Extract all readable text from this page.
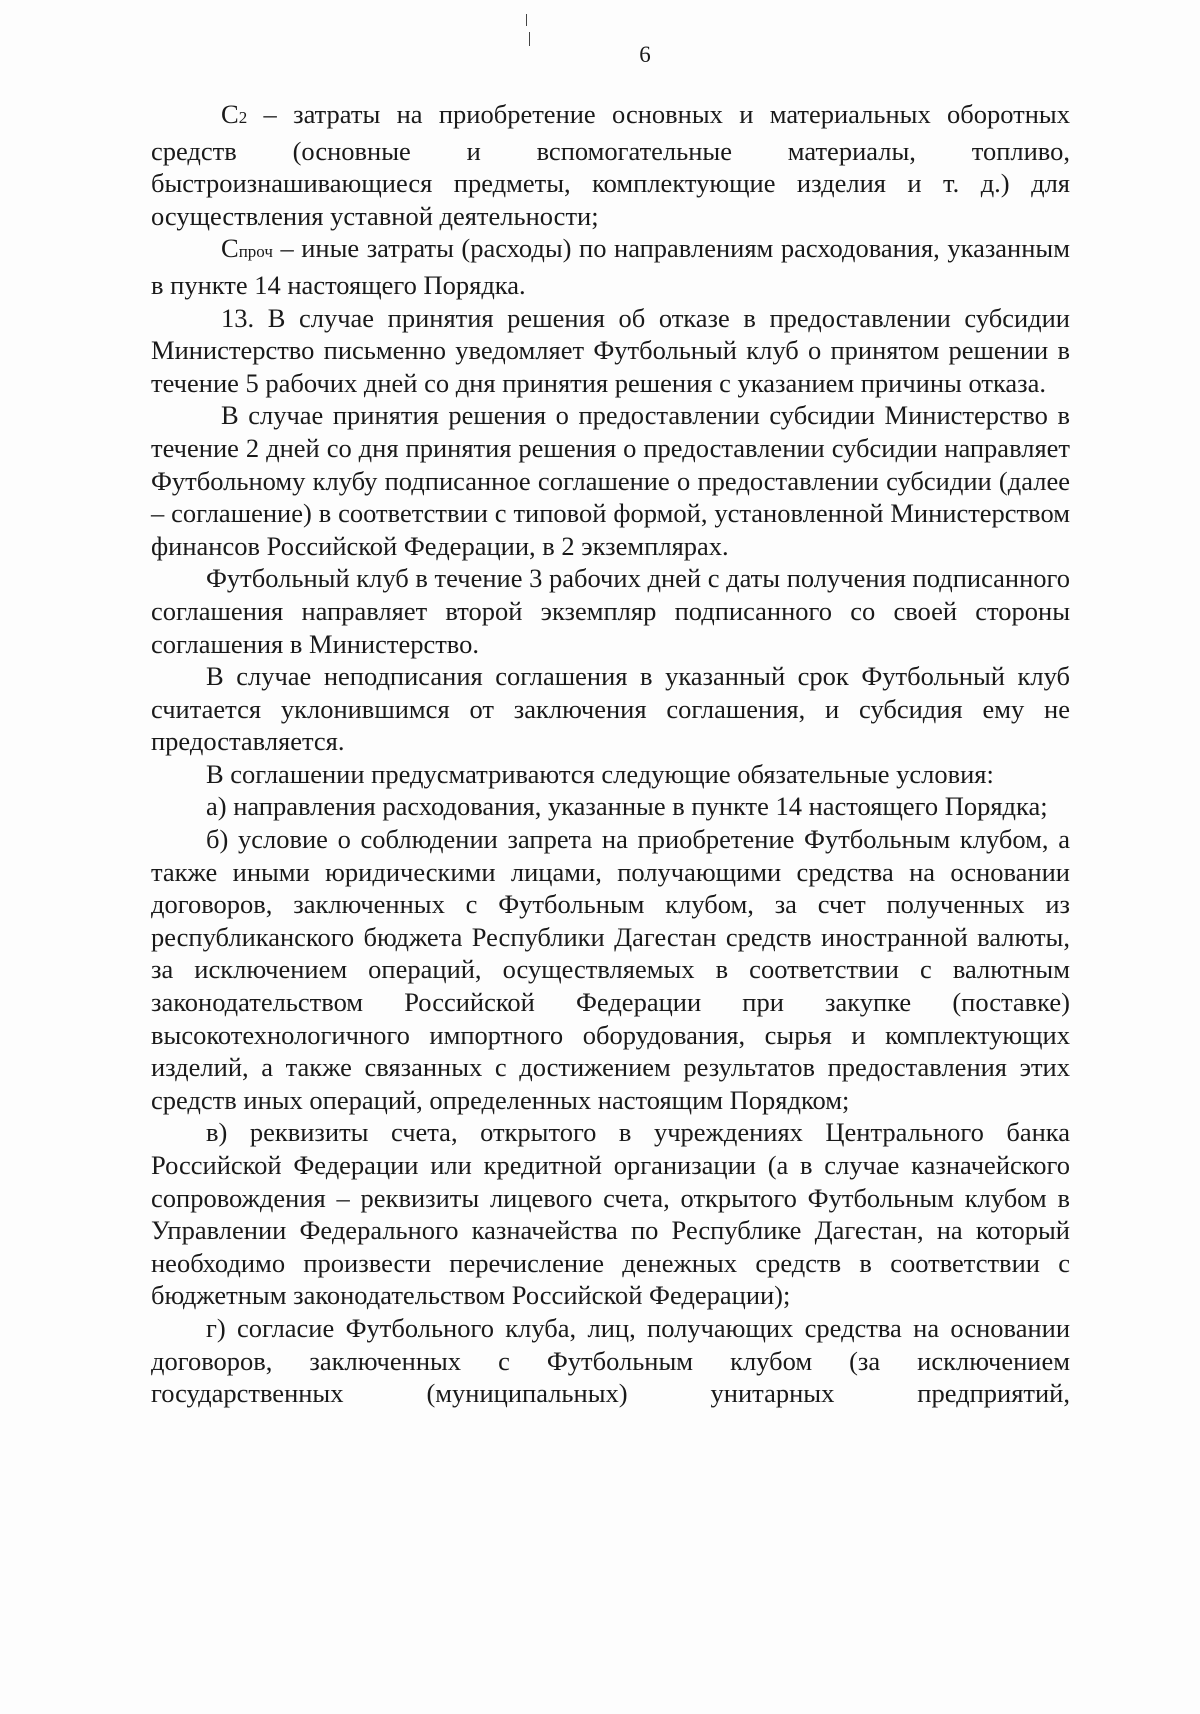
6

С2 – затраты на приобретение основных и материальных оборотных средств (основные и вспомогательные материалы, топливо, быстроизнашивающиеся предметы, комплектующие изделия и т. д.) для осуществления уставной деятельности;

Спроч – иные затраты (расходы) по направлениям расходования, указанным в пункте 14 настоящего Порядка.

13. В случае принятия решения об отказе в предоставлении субсидии Министерство письменно уведомляет Футбольный клуб о принятом решении в течение 5 рабочих дней со дня принятия решения с указанием причины отказа.

В случае принятия решения о предоставлении субсидии Министерство в течение 2 дней со дня принятия решения о предоставлении субсидии направляет Футбольному клубу подписанное соглашение о предоставлении субсидии (далее – соглашение) в соответствии с типовой формой, установленной Министерством финансов Российской Федерации, в 2 экземплярах.

Футбольный клуб в течение 3 рабочих дней с даты получения подписанного соглашения направляет второй экземпляр подписанного со своей стороны соглашения в Министерство.

В случае неподписания соглашения в указанный срок Футбольный клуб считается уклонившимся от заключения соглашения, и субсидия ему не предоставляется.

В соглашении предусматриваются следующие обязательные условия:

а) направления расходования, указанные в пункте 14 настоящего Порядка;

б) условие о соблюдении запрета на приобретение Футбольным клубом, а также иными юридическими лицами, получающими средства на основании договоров, заключенных с Футбольным клубом, за счет полученных из республиканского бюджета Республики Дагестан средств иностранной валюты, за исключением операций, осуществляемых в соответствии с валютным законодательством Российской Федерации при закупке (поставке) высокотехнологичного импортного оборудования, сырья и комплектующих изделий, а также связанных с достижением результатов предоставления этих средств иных операций, определенных настоящим Порядком;

в) реквизиты счета, открытого в учреждениях Центрального банка Российской Федерации или кредитной организации (а в случае казначейского сопровождения – реквизиты лицевого счета, открытого Футбольным клубом в Управлении Федерального казначейства по Республике Дагестан, на который необходимо произвести перечисление денежных средств в соответствии с бюджетным законодательством Российской Федерации);

г) согласие Футбольного клуба, лиц, получающих средства на основании договоров, заключенных с Футбольным клубом (за исключением государственных (муниципальных) унитарных предприятий,
